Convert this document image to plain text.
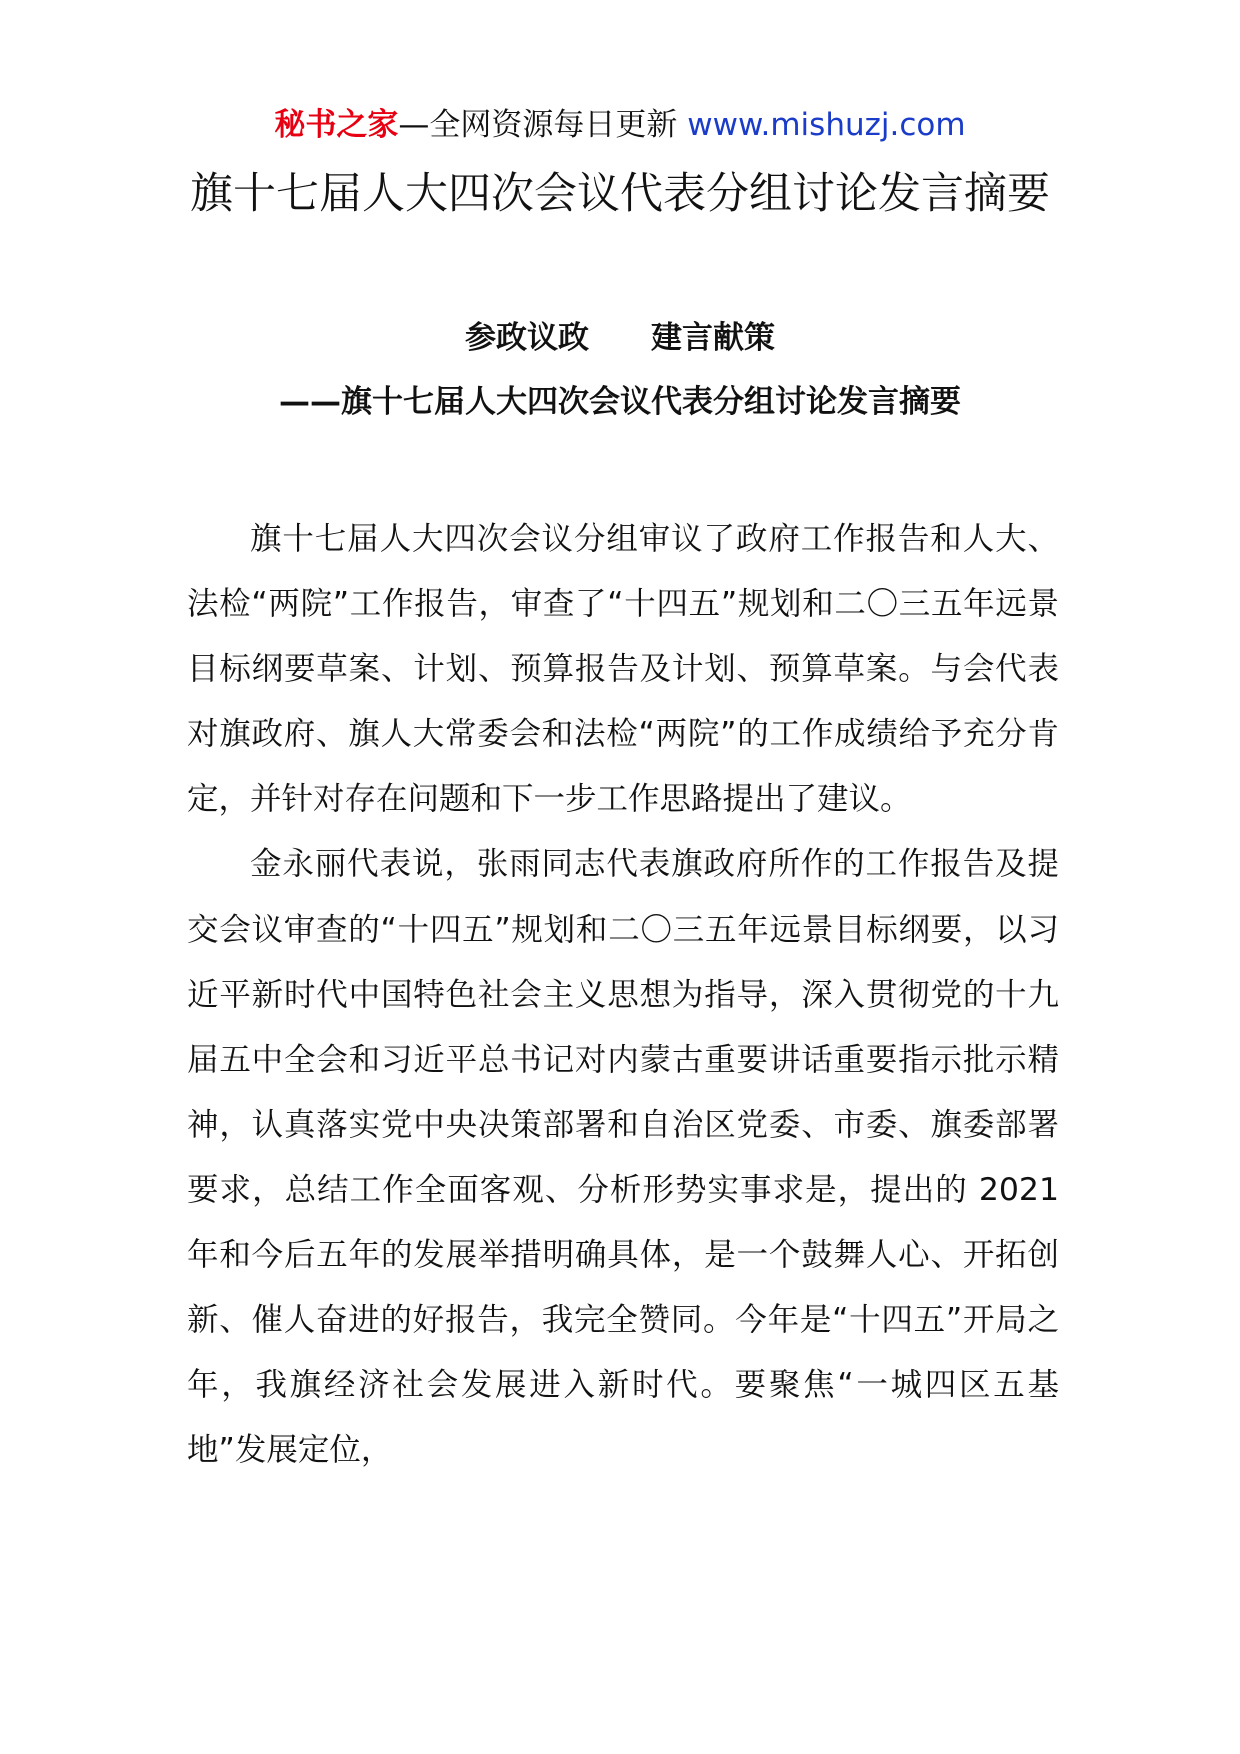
秘书之家—全网资源每日更新 www.mishuzj.com
旗十七届人大四次会议代表分组讨论发言摘要
参政议政　　建言献策
——旗十七届人大四次会议代表分组讨论发言摘要

旗十七届人大四次会议分组审议了政府工作报告和人大、法检“两院”工作报告，审查了“十四五”规划和二〇三五年远景目标纲要草案、计划、预算报告及计划、预算草案。与会代表对旗政府、旗人大常委会和法检“两院”的工作成绩给予充分肯定，并针对存在问题和下一步工作思路提出了建议。

金永丽代表说，张雨同志代表旗政府所作的工作报告及提交会议审查的“十四五”规划和二〇三五年远景目标纲要，以习近平新时代中国特色社会主义思想为指导，深入贯彻党的十九届五中全会和习近平总书记对内蒙古重要讲话重要指示批示精神，认真落实党中央决策部署和自治区党委、市委、旗委部署要求，总结工作全面客观、分析形势实事求是，提出的 2021 年和今后五年的发展举措明确具体，是一个鼓舞人心、开拓创新、催人奋进的好报告，我完全赞同。今年是“十四五”开局之年，我旗经济社会发展进入新时代。要聚焦“一城四区五基地”发展定位，
